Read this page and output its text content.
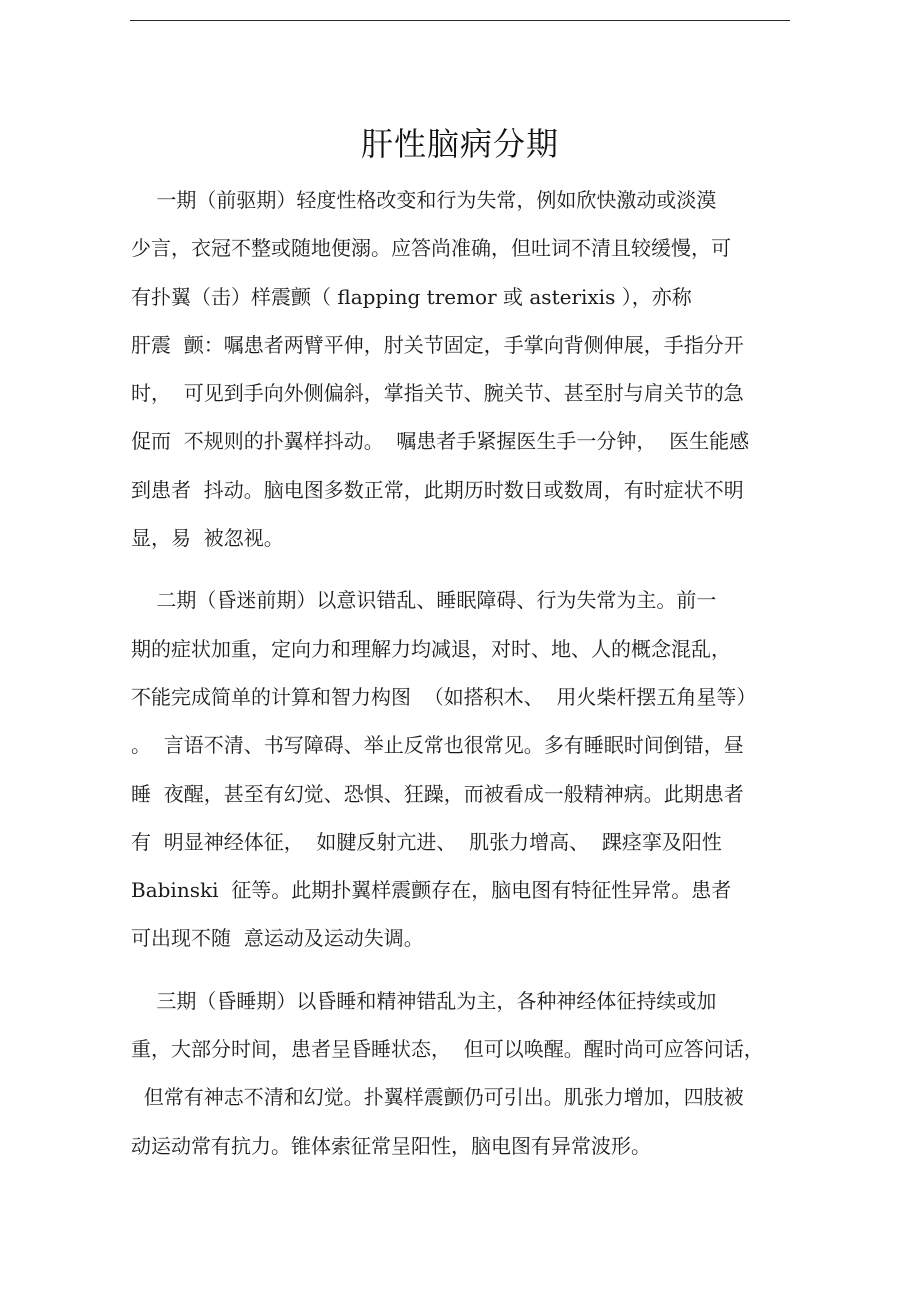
肝性脑病分期
一期（前驱期）轻度性格改变和行为失常，例如欣快激动或淡漠
少言，衣冠不整或随地便溺。应答尚准确，但吐词不清且较缓慢，可
有扑翼（击）样震颤（ flapping tremor 或 asterixis ），亦称
肝震  颤：嘱患者两臂平伸，肘关节固定，手掌向背侧伸展，手指分开
时，  可见到手向外侧偏斜，掌指关节、腕关节、甚至肘与肩关节的急
促而  不规则的扑翼样抖动。  嘱患者手紧握医生手一分钟，  医生能感
到患者  抖动。脑电图多数正常，此期历时数日或数周，有时症状不明
显，易  被忽视。
二期（昏迷前期）以意识错乱、睡眠障碍、行为失常为主。前一
期的症状加重，定向力和理解力均减退，对时、地、人的概念混乱，
不能完成简单的计算和智力构图  （如搭积木、  用火柴杆摆五角星等）
。  言语不清、书写障碍、举止反常也很常见。多有睡眠时间倒错，昼
睡  夜醒，甚至有幻觉、恐惧、狂躁，而被看成一般精神病。此期患者
有  明显神经体征，  如腱反射亢进、  肌张力增高、  踝痉挛及阳性
Babinski  征等。此期扑翼样震颤存在，脑电图有特征性异常。患者
可出现不随  意运动及运动失调。
三期（昏睡期）以昏睡和精神错乱为主，各种神经体征持续或加
重，大部分时间，患者呈昏睡状态，  但可以唤醒。醒时尚可应答问话，
但常有神志不清和幻觉。扑翼样震颤仍可引出。肌张力增加，四肢被
动运动常有抗力。锥体索征常呈阳性，脑电图有异常波形。
